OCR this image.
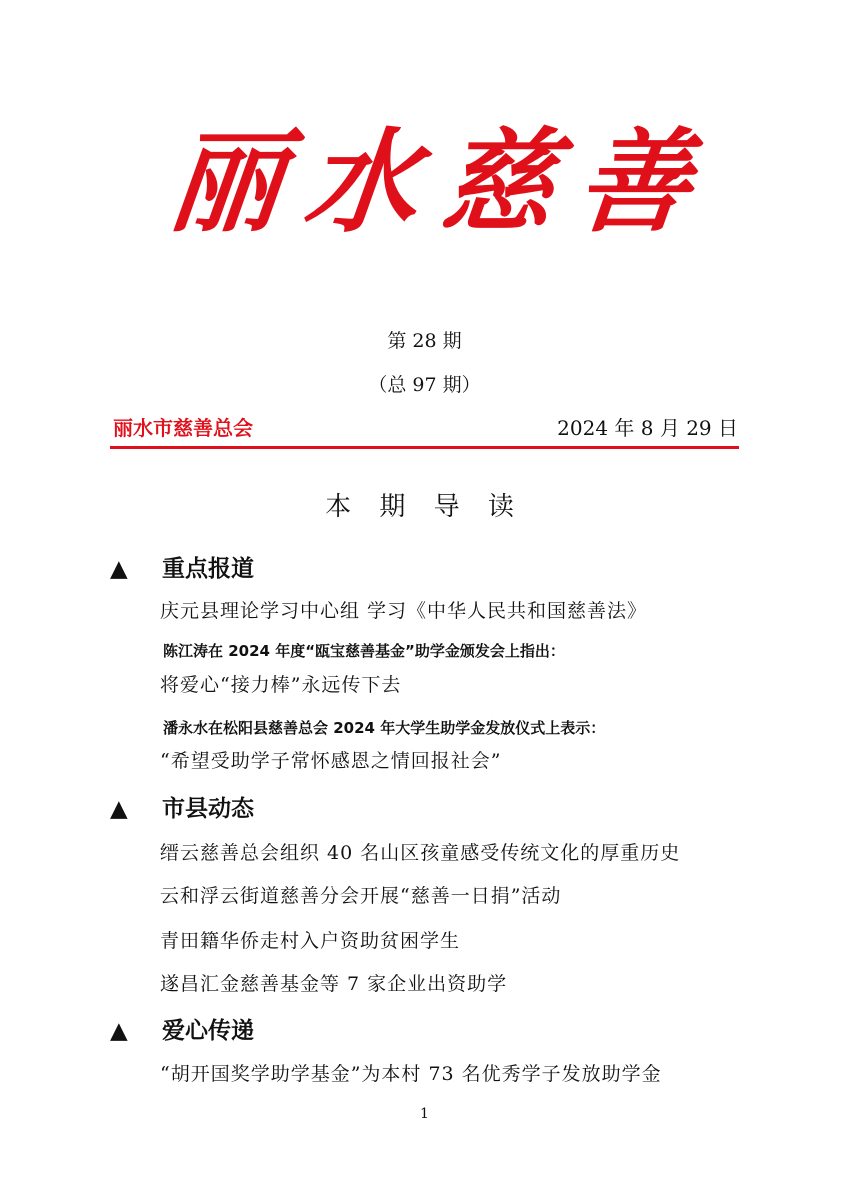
丽 水 慈 善
第 28 期
（总 97 期）
丽水市慈善总会	2024 年 8 月 29 日
本 期 导 读
▲ 重点报道
庆元县理论学习中心组 学习《中华人民共和国慈善法》
陈江涛在 2024 年度“瓯宝慈善基金”助学金颁发会上指出：
将爱心“接力棒”永远传下去
潘永水在松阳县慈善总会 2024 年大学生助学金发放仪式上表示：
“希望受助学子常怀感恩之情回报社会”
▲ 市县动态
缙云慈善总会组织 40 名山区孩童感受传统文化的厚重历史
云和浮云街道慈善分会开展“慈善一日捐”活动
青田籍华侨走村入户资助贫困学生
遂昌汇金慈善基金等 7 家企业出资助学
▲ 爱心传递
“胡开国奖学助学基金”为本村 73 名优秀学子发放助学金
1
